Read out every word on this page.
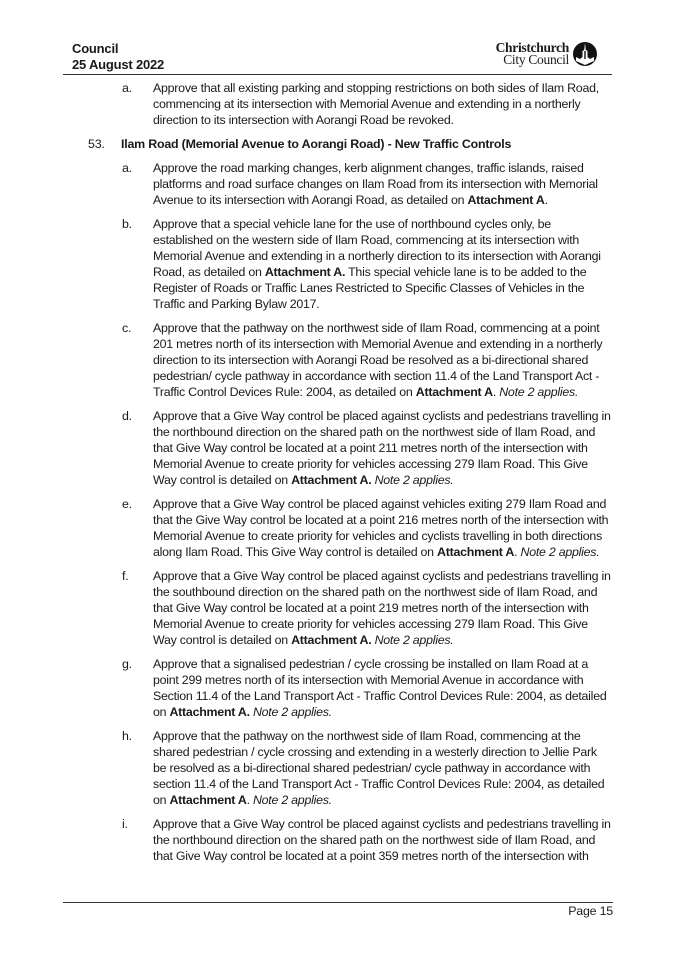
Council
25 August 2022
Christchurch
City Council
a. Approve that all existing parking and stopping restrictions on both sides of Ilam Road, commencing at its intersection with Memorial Avenue and extending in a northerly direction to its intersection with Aorangi Road be revoked.
53. Ilam Road (Memorial Avenue to Aorangi Road) - New Traffic Controls
a. Approve the road marking changes, kerb alignment changes, traffic islands, raised platforms and road surface changes on Ilam Road from its intersection with Memorial Avenue to its intersection with Aorangi Road, as detailed on Attachment A.
b. Approve that a special vehicle lane for the use of northbound cycles only, be established on the western side of Ilam Road, commencing at its intersection with Memorial Avenue and extending in a northerly direction to its intersection with Aorangi Road, as detailed on Attachment A. This special vehicle lane is to be added to the Register of Roads or Traffic Lanes Restricted to Specific Classes of Vehicles in the Traffic and Parking Bylaw 2017.
c. Approve that the pathway on the northwest side of Ilam Road, commencing at a point 201 metres north of its intersection with Memorial Avenue and extending in a northerly direction to its intersection with Aorangi Road be resolved as a bi-directional shared pedestrian/ cycle pathway in accordance with section 11.4 of the Land Transport Act - Traffic Control Devices Rule: 2004, as detailed on Attachment A. Note 2 applies.
d. Approve that a Give Way control be placed against cyclists and pedestrians travelling in the northbound direction on the shared path on the northwest side of Ilam Road, and that Give Way control be located at a point 211 metres north of the intersection with Memorial Avenue to create priority for vehicles accessing 279 Ilam Road. This Give Way control is detailed on Attachment A. Note 2 applies.
e. Approve that a Give Way control be placed against vehicles exiting 279 Ilam Road and that the Give Way control be located at a point 216 metres north of the intersection with Memorial Avenue to create priority for vehicles and cyclists travelling in both directions along Ilam Road. This Give Way control is detailed on Attachment A. Note 2 applies.
f. Approve that a Give Way control be placed against cyclists and pedestrians travelling in the southbound direction on the shared path on the northwest side of Ilam Road, and that Give Way control be located at a point 219 metres north of the intersection with Memorial Avenue to create priority for vehicles accessing 279 Ilam Road. This Give Way control is detailed on Attachment A. Note 2 applies.
g. Approve that a signalised pedestrian / cycle crossing be installed on Ilam Road at a point 299 metres north of its intersection with Memorial Avenue in accordance with Section 11.4 of the Land Transport Act - Traffic Control Devices Rule: 2004, as detailed on Attachment A. Note 2 applies.
h. Approve that the pathway on the northwest side of Ilam Road, commencing at the shared pedestrian / cycle crossing and extending in a westerly direction to Jellie Park be resolved as a bi-directional shared pedestrian/ cycle pathway in accordance with section 11.4 of the Land Transport Act - Traffic Control Devices Rule: 2004, as detailed on Attachment A. Note 2 applies.
i. Approve that a Give Way control be placed against cyclists and pedestrians travelling in the northbound direction on the shared path on the northwest side of Ilam Road, and that Give Way control be located at a point 359 metres north of the intersection with
Page 15
